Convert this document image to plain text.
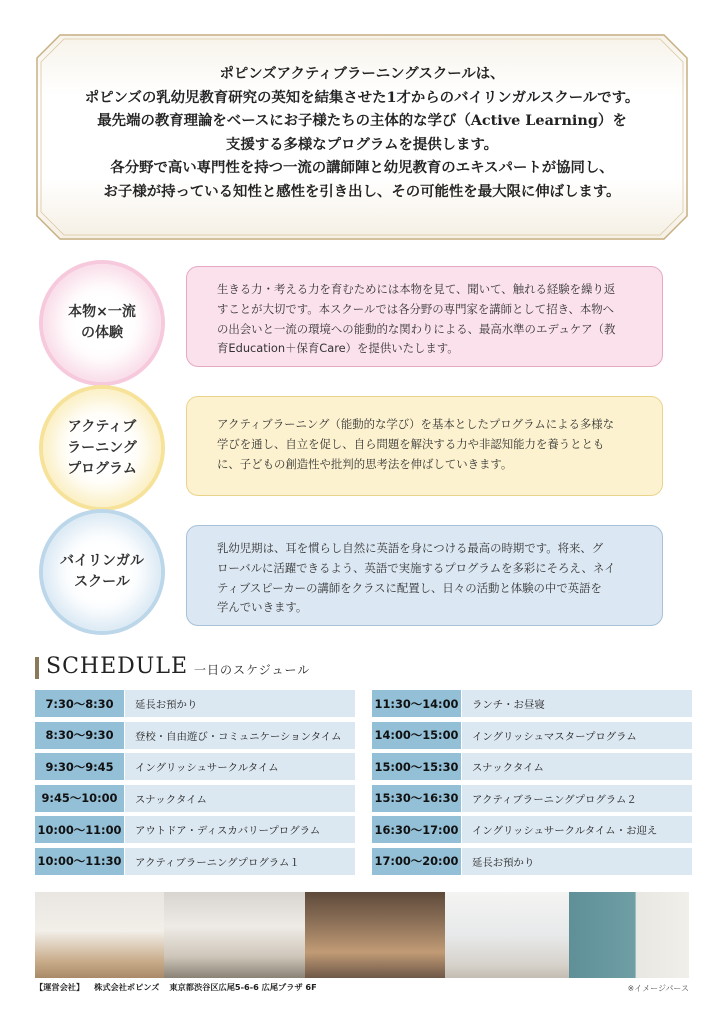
ポピンズアクティブラーニングスクールは、
ポピンズの乳幼児教育研究の英知を結集させた1才からのバイリンガルスクールです。
最先端の教育理論をベースにお子様たちの主体的な学び（Active Learning）を
支援する多様なプログラムを提供します。
各分野で高い専門性を持つ一流の講師陣と幼児教育のエキスパートが協同し、
お子様が持っている知性と感性を引き出し、その可能性を最大限に伸ばします。
本物×一流
の体験
生きる力・考える力を育むためには本物を見て、聞いて、触れる経験を繰り返
すことが大切です。本スクールでは各分野の専門家を講師として招き、本物へ
の出会いと一流の環境への能動的な関わりによる、最高水準のエデュケア（教
育Education＋保育Care）を提供いたします。
アクティブ
ラーニング
プログラム
アクティブラーニング（能動的な学び）を基本としたプログラムによる多様な
学びを通し、自立を促し、自ら問題を解決する力や非認知能力を養うととも
に、子どもの創造性や批判的思考法を伸ばしていきます。
バイリンガル
スクール
乳幼児期は、耳を慣らし自然に英語を身につける最高の時期です。将来、グ
ローバルに活躍できるよう、英語で実施するプログラムを多彩にそろえ、ネイ
ティブスピーカーの講師をクラスに配置し、日々の活動と体験の中で英語を
学んでいきます。
SCHEDULE 一日のスケジュール
7:30〜8:30	延長お預かり
8:30〜9:30	登校・自由遊び・コミュニケーションタイム
9:30〜9:45	イングリッシュサークルタイム
9:45〜10:00	スナックタイム
10:00〜11:00	アウトドア・ディスカバリープログラム
10:00〜11:30	アクティブラーニングプログラム１
11:30〜14:00	ランチ・お昼寝
14:00〜15:00	イングリッシュマスタープログラム
15:00〜15:30	スナックタイム
15:30〜16:30	アクティブラーニングプログラム２
16:30〜17:00	イングリッシュサークルタイム・お迎え
17:00〜20:00	延長お預かり
【運営会社】 株式会社ポピンズ 東京都渋谷区広尾5-6-6 広尾プラザ 6F	※イメージパース
